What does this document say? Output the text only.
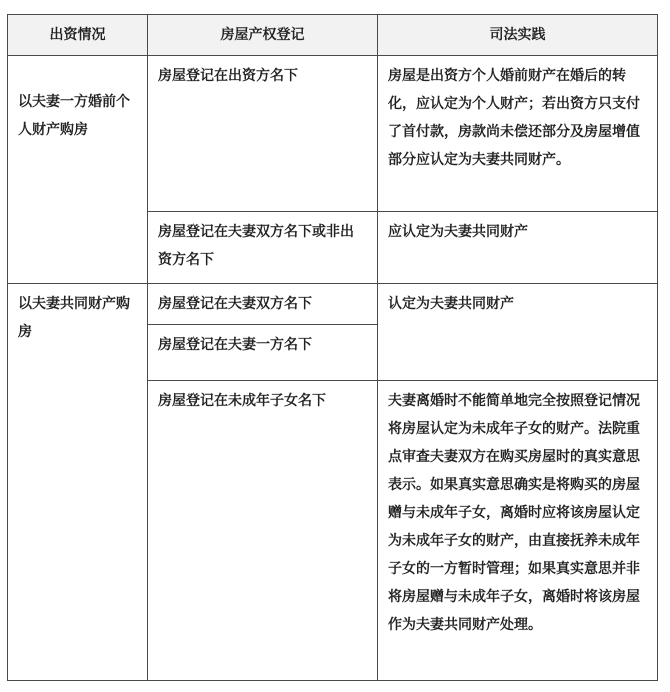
出资情况	房屋产权登记	司法实践

以夫妻一方婚前个人财产购房	房屋登记在出资方名下	房屋是出资方个人婚前财产在婚后的转化，应认定为个人财产；若出资方只支付了首付款，房款尚未偿还部分及房屋增值部分应认定为夫妻共同财产。

	房屋登记在夫妻双方名下或非出资方名下	应认定为夫妻共同财产

以夫妻共同财产购房	房屋登记在夫妻双方名下	认定为夫妻共同财产

	房屋登记在夫妻一方名下	

	房屋登记在未成年子女名下	夫妻离婚时不能简单地完全按照登记情况将房屋认定为未成年子女的财产。法院重点审查夫妻双方在购买房屋时的真实意思表示。如果真实意思确实是将购买的房屋赠与未成年子女，离婚时应将该房屋认定为未成年子女的财产，由直接抚养未成年子女的一方暂时管理；如果真实意思并非将房屋赠与未成年子女，离婚时将该房屋作为夫妻共同财产处理。
